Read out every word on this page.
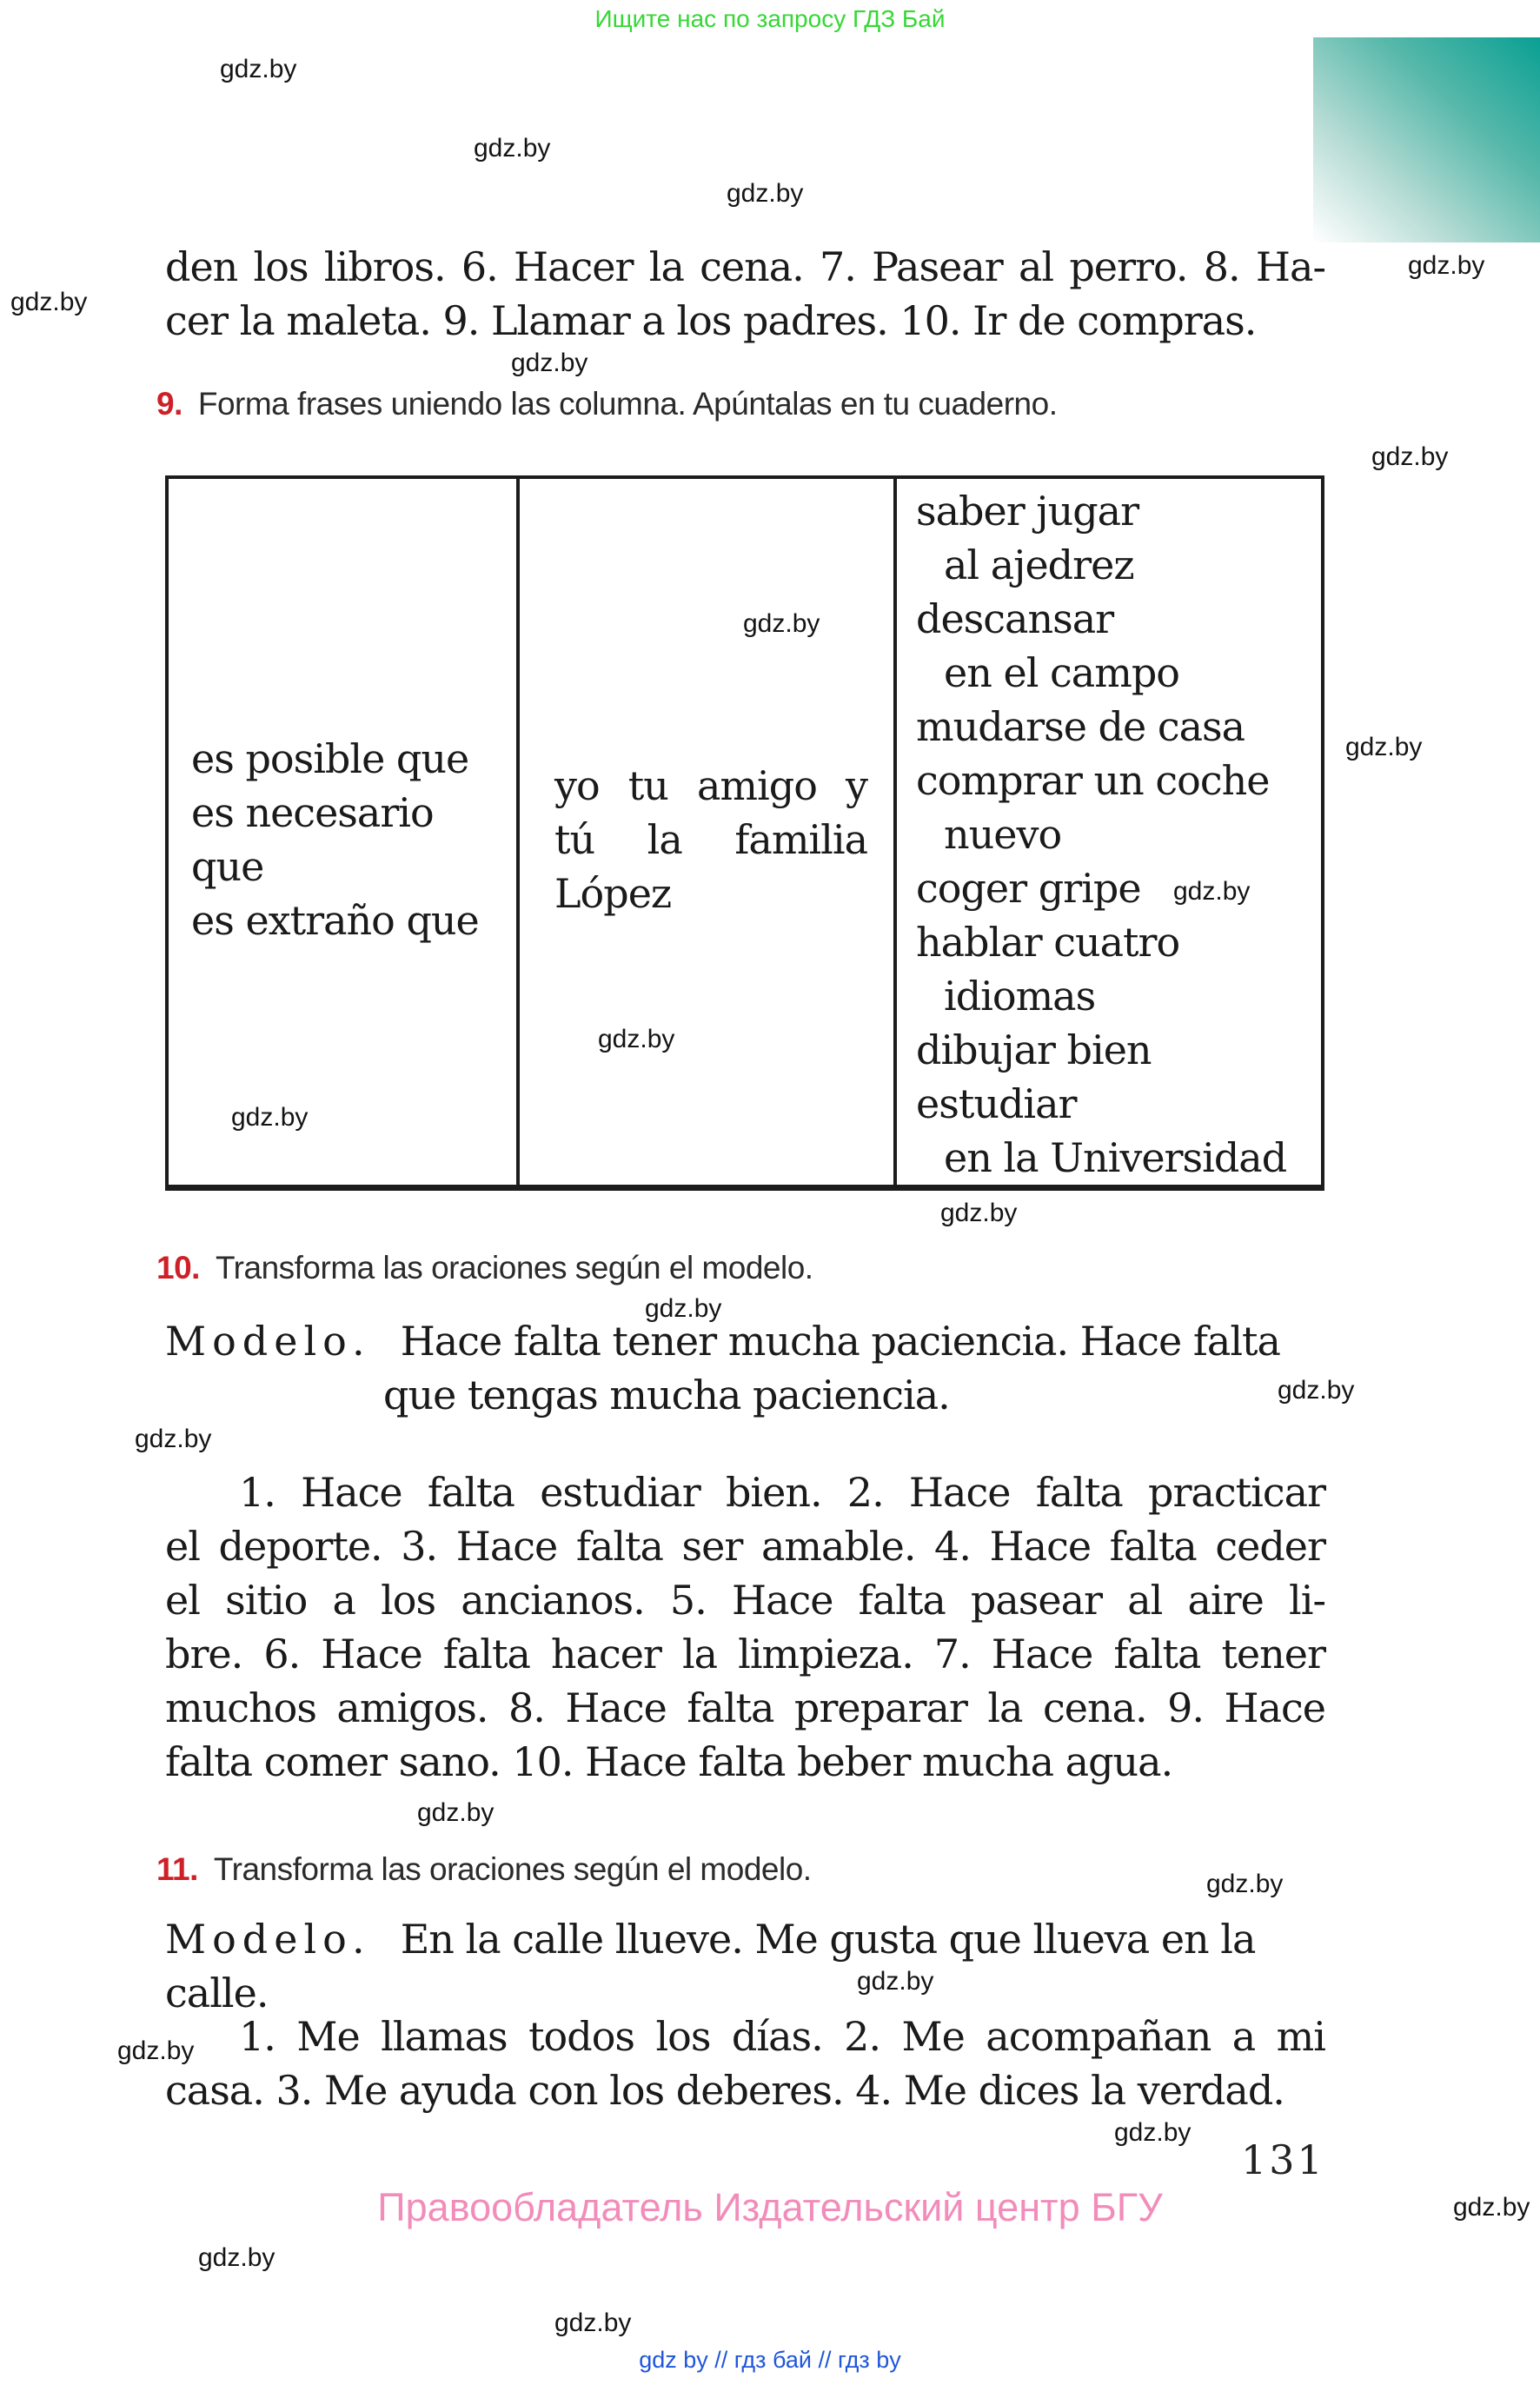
Ищите нас по запросу ГДЗ Бай
gdz.by
gdz.by
gdz.by
gdz.by
gdz.by
gdz.by
gdz.by
gdz.by
gdz.by
gdz.by
gdz.by
gdz.by
gdz.by
gdz.by
gdz.by
gdz.by
gdz.by
gdz.by
gdz.by
gdz.by
gdz.by
gdz.by
gdz.by
gdz.by
den los libros. 6. Hacer la cena. 7. Pasear al perro. 8. Ha-
cer la maleta. 9. Llamar a los padres. 10. Ir de compras.
9. Forma frases uniendo las columna. Apúntalas en tu cuaderno.
es posible que
es necesario que
es extraño que
yo tu amigo y
tú la familia
López
saber jugar
al ajedrez
descansar
en el campo
mudarse de casa
comprar un coche
nuevo
coger gripe
hablar cuatro
idiomas
dibujar bien
estudiar
en la Universidad
10. Transforma las oraciones según el modelo.
Modelo. Hace falta tener mucha paciencia. Hace falta
que tengas mucha paciencia.
1. Hace falta estudiar bien. 2. Hace falta practicar
el deporte. 3. Hace falta ser amable. 4. Hace falta ceder
el sitio a los ancianos. 5. Hace falta pasear al aire li-
bre. 6. Hace falta hacer la limpieza. 7. Hace falta tener
muchos amigos. 8. Hace falta preparar la cena. 9. Hace
falta comer sano. 10. Hace falta beber mucha agua.
11. Transforma las oraciones según el modelo.
Modelo. En la calle llueve. Me gusta que llueva en la calle.
1. Me llamas todos los días. 2. Me acompañan a mi
casa. 3. Me ayuda con los deberes. 4. Me dices la verdad.
131
Правообладатель Издательский центр БГУ
gdz by // гдз бай // гдз by
